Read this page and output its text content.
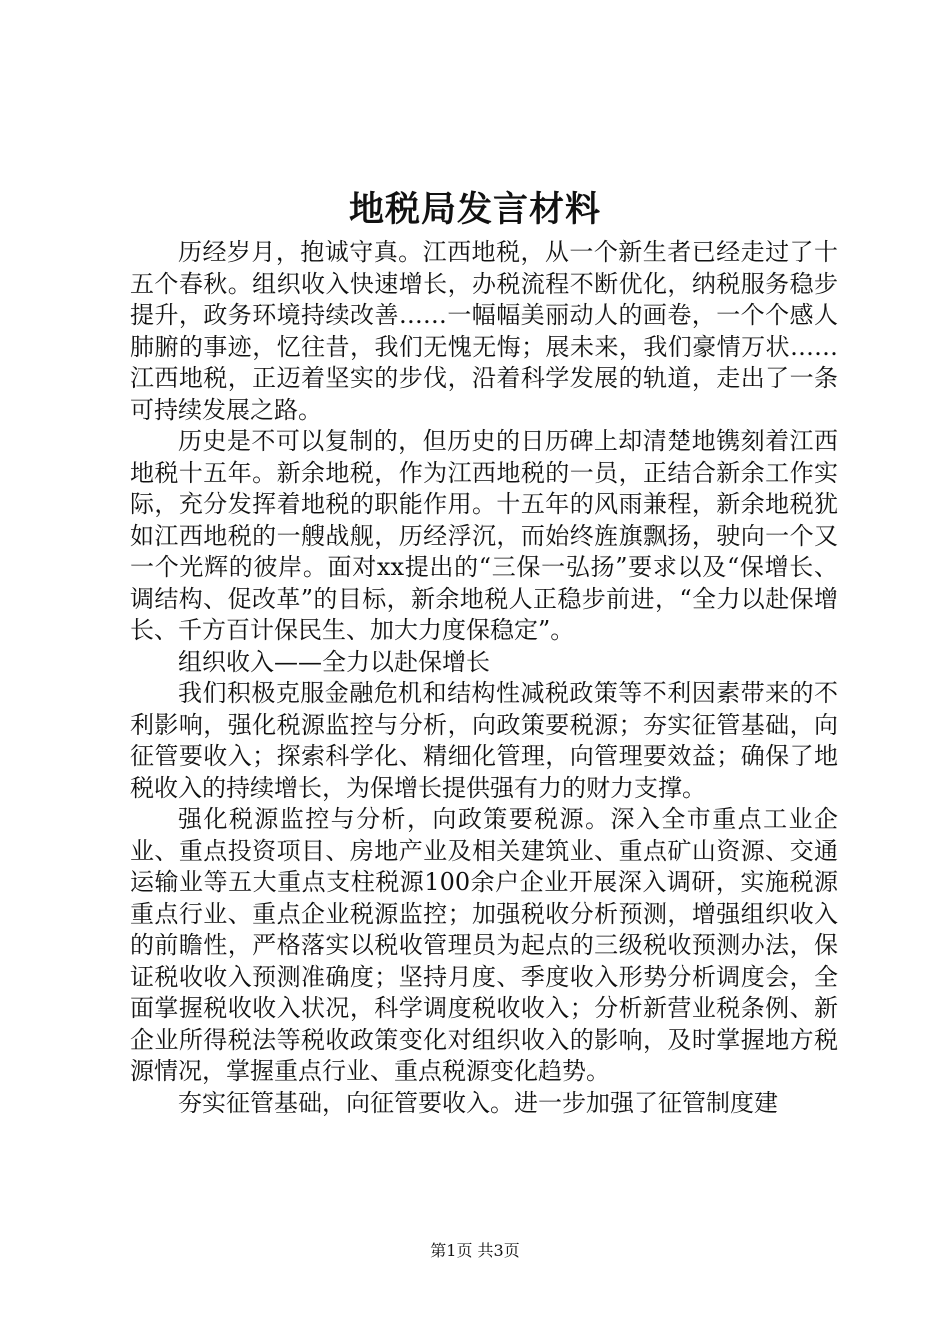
地税局发言材料

历经岁月，抱诚守真。江西地税，从一个新生者已经走过了十五个春秋。组织收入快速增长，办税流程不断优化，纳税服务稳步提升，政务环境持续改善……一幅幅美丽动人的画卷，一个个感人肺腑的事迹，忆往昔，我们无愧无悔；展未来，我们豪情万状……江西地税，正迈着坚实的步伐，沿着科学发展的轨道，走出了一条可持续发展之路。

历史是不可以复制的，但历史的日历碑上却清楚地镌刻着江西地税十五年。新余地税，作为江西地税的一员，正结合新余工作实际，充分发挥着地税的职能作用。十五年的风雨兼程，新余地税犹如江西地税的一艘战舰，历经浮沉，而始终旌旗飘扬，驶向一个又一个光辉的彼岸。面对xx提出的“三保一弘扬”要求以及“保增长、调结构、促改革”的目标，新余地税人正稳步前进，“全力以赴保增长、千方百计保民生、加大力度保稳定”。

组织收入——全力以赴保增长

我们积极克服金融危机和结构性减税政策等不利因素带来的不利影响，强化税源监控与分析，向政策要税源；夯实征管基础，向征管要收入；探索科学化、精细化管理，向管理要效益；确保了地税收入的持续增长，为保增长提供强有力的财力支撑。

强化税源监控与分析，向政策要税源。深入全市重点工业企业、重点投资项目、房地产业及相关建筑业、重点矿山资源、交通运输业等五大重点支柱税源100余户企业开展深入调研，实施税源重点行业、重点企业税源监控；加强税收分析预测，增强组织收入的前瞻性，严格落实以税收管理员为起点的三级税收预测办法，保证税收收入预测准确度；坚持月度、季度收入形势分析调度会，全面掌握税收收入状况，科学调度税收收入；分析新营业税条例、新企业所得税法等税收政策变化对组织收入的影响，及时掌握地方税源情况，掌握重点行业、重点税源变化趋势。

夯实征管基础，向征管要收入。进一步加强了征管制度建

第1页 共3页
